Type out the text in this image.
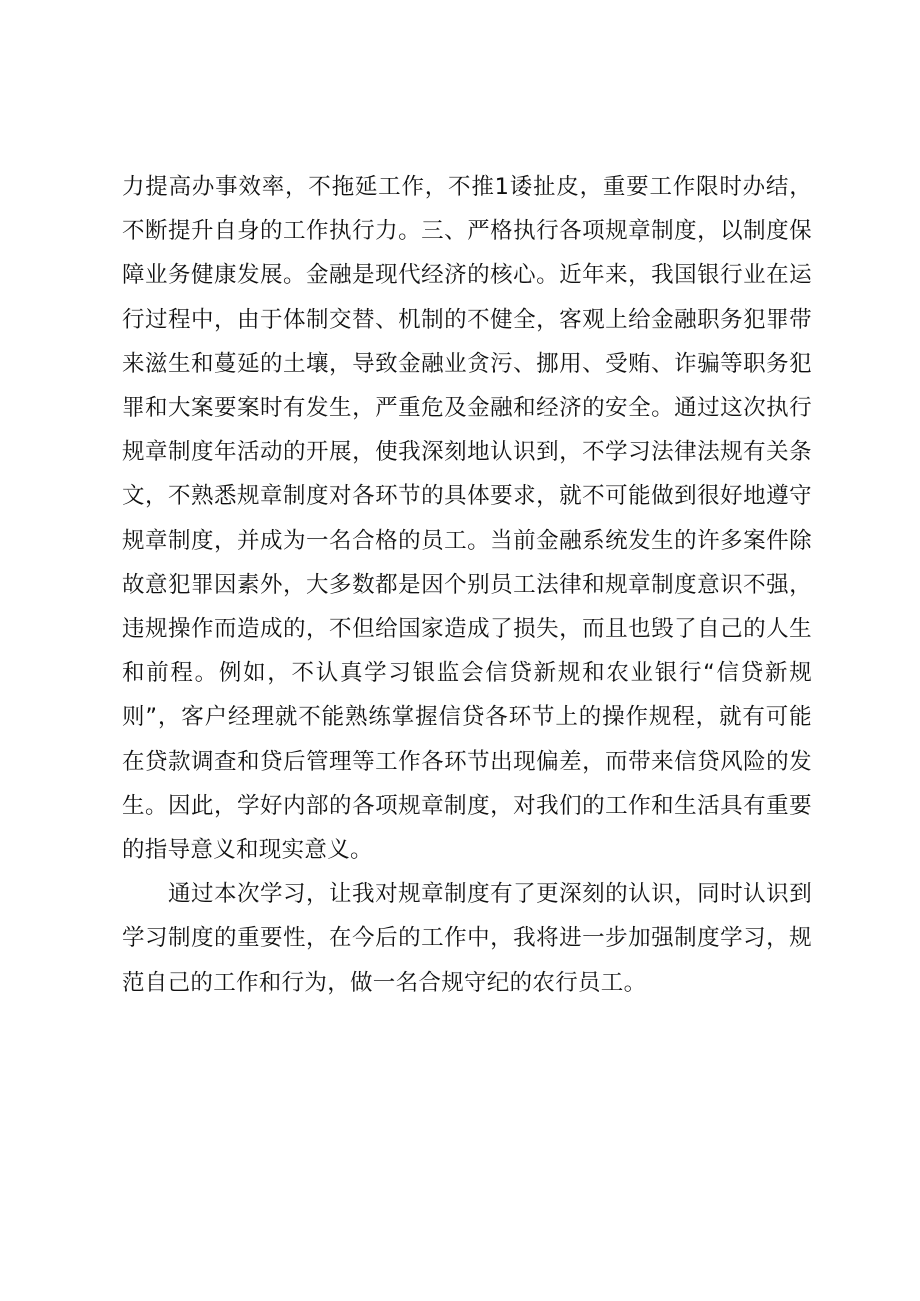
力提高办事效率，不拖延工作，不推1诿扯皮，重要工作限时办结，不断提升自身的工作执行力。三、严格执行各项规章制度，以制度保障业务健康发展。金融是现代经济的核心。近年来，我国银行业在运行过程中，由于体制交替、机制的不健全，客观上给金融职务犯罪带来滋生和蔓延的土壤，导致金融业贪污、挪用、受贿、诈骗等职务犯罪和大案要案时有发生，严重危及金融和经济的安全。通过这次执行规章制度年活动的开展，使我深刻地认识到，不学习法律法规有关条文，不熟悉规章制度对各环节的具体要求，就不可能做到很好地遵守规章制度，并成为一名合格的员工。当前金融系统发生的许多案件除故意犯罪因素外，大多数都是因个别员工法律和规章制度意识不强，违规操作而造成的，不但给国家造成了损失，而且也毁了自己的人生和前程。例如，不认真学习银监会信贷新规和农业银行“信贷新规则”，客户经理就不能熟练掌握信贷各环节上的操作规程，就有可能在贷款调查和贷后管理等工作各环节出现偏差，而带来信贷风险的发生。因此，学好内部的各项规章制度，对我们的工作和生活具有重要的指导意义和现实意义。

通过本次学习，让我对规章制度有了更深刻的认识，同时认识到学习制度的重要性，在今后的工作中，我将进一步加强制度学习，规范自己的工作和行为，做一名合规守纪的农行员工。
